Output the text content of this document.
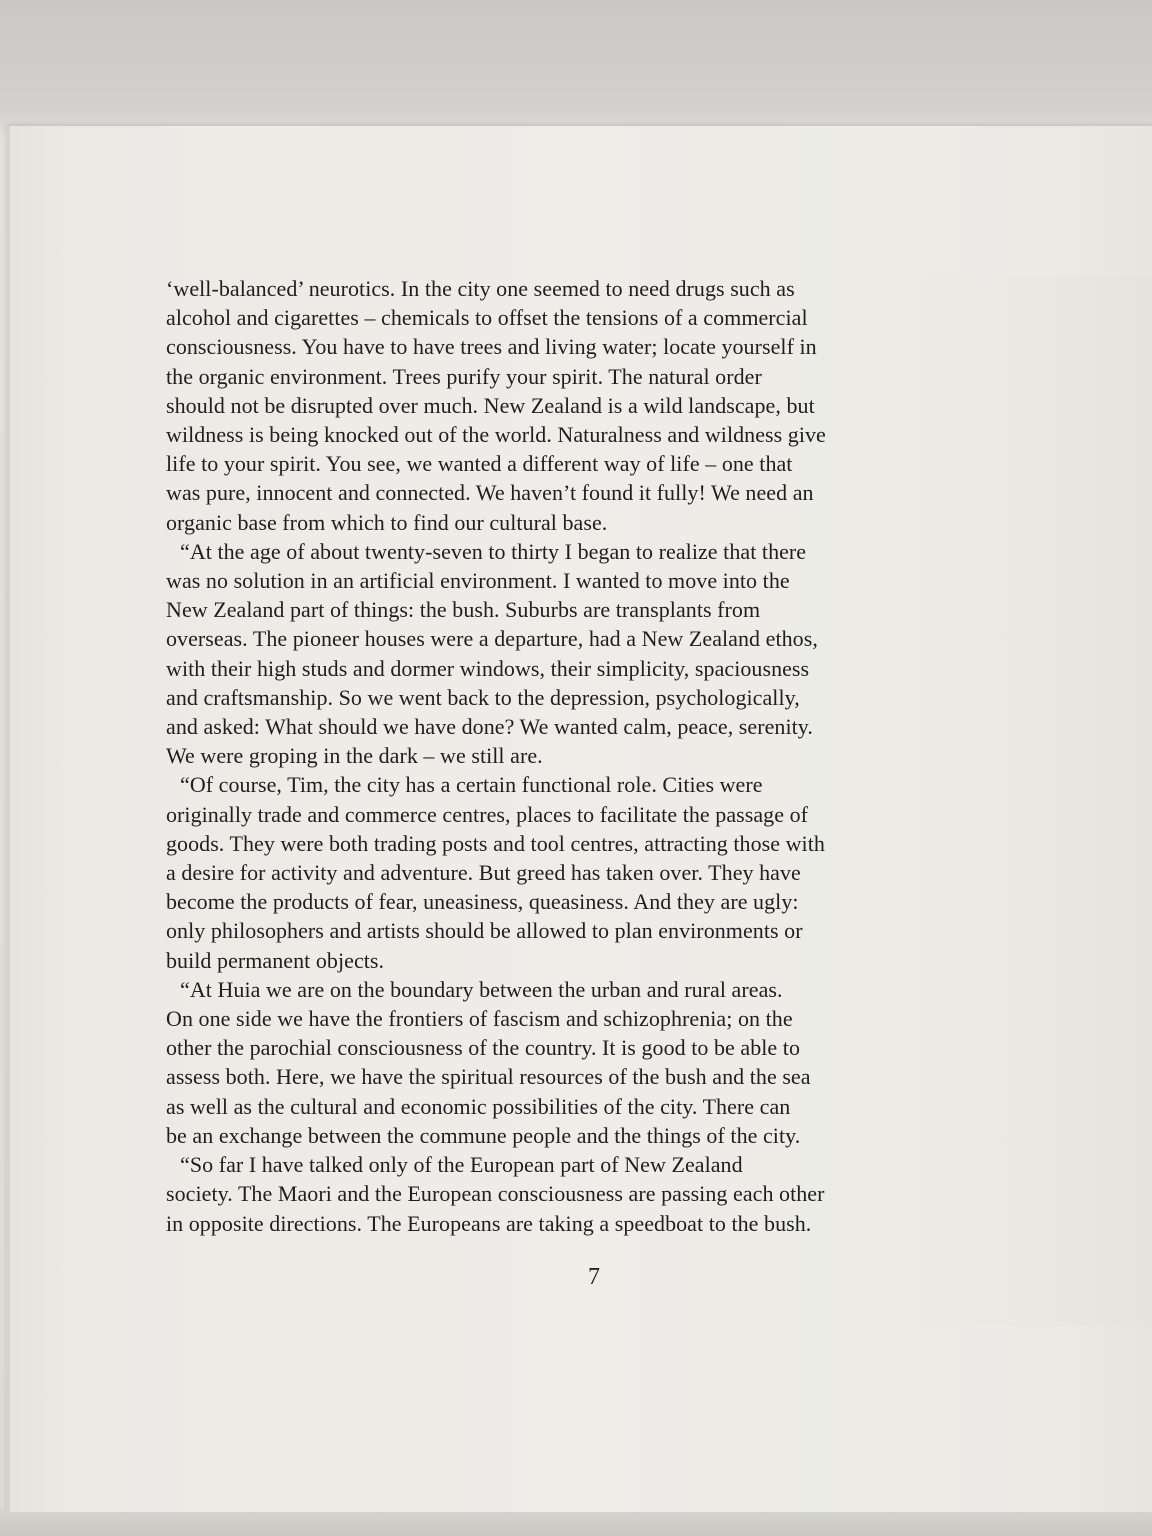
‘well-balanced’ neurotics. In the city one seemed to need drugs such as
alcohol and cigarettes – chemicals to offset the tensions of a commercial
consciousness. You have to have trees and living water; locate yourself in
the organic environment. Trees purify your spirit. The natural order
should not be disrupted over much. New Zealand is a wild landscape, but
wildness is being knocked out of the world. Naturalness and wildness give
life to your spirit. You see, we wanted a different way of life – one that
was pure, innocent and connected. We haven’t found it fully! We need an
organic base from which to find our cultural base.
“At the age of about twenty-seven to thirty I began to realize that there
was no solution in an artificial environment. I wanted to move into the
New Zealand part of things: the bush. Suburbs are transplants from
overseas. The pioneer houses were a departure, had a New Zealand ethos,
with their high studs and dormer windows, their simplicity, spaciousness
and craftsmanship. So we went back to the depression, psychologically,
and asked: What should we have done? We wanted calm, peace, serenity.
We were groping in the dark – we still are.
“Of course, Tim, the city has a certain functional role. Cities were
originally trade and commerce centres, places to facilitate the passage of
goods. They were both trading posts and tool centres, attracting those with
a desire for activity and adventure. But greed has taken over. They have
become the products of fear, uneasiness, queasiness. And they are ugly:
only philosophers and artists should be allowed to plan environments or
build permanent objects.
“At Huia we are on the boundary between the urban and rural areas.
On one side we have the frontiers of fascism and schizophrenia; on the
other the parochial consciousness of the country. It is good to be able to
assess both. Here, we have the spiritual resources of the bush and the sea
as well as the cultural and economic possibilities of the city. There can
be an exchange between the commune people and the things of the city.
“So far I have talked only of the European part of New Zealand
society. The Maori and the European consciousness are passing each other
in opposite directions. The Europeans are taking a speedboat to the bush.
7
